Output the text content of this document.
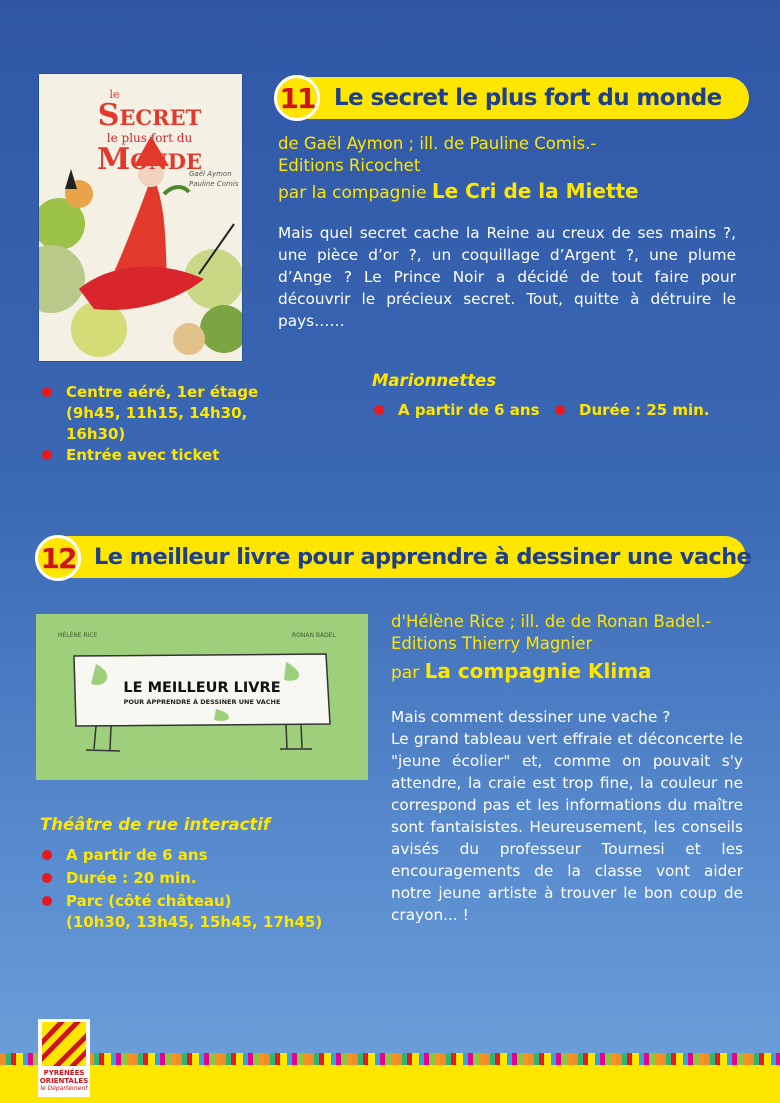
le
Secret
le plus fort du
Monde
Gaël Aymon
Pauline Comis
Le secret le plus fort du monde
11
de Gaël Aymon ; ill. de Pauline Comis.-
Editions Ricochet
par la compagnie Le Cri de la Miette
Mais quel secret cache la Reine au creux de ses mains ?, une pièce d’or ?, un coquillage d’Argent ?, une plume d’Ange ? Le Prince Noir a décidé de tout faire pour découvrir le précieux secret. Tout, quitte à détruire le pays……
Centre aéré, 1er étage
(9h45, 11h15, 14h30,
16h30)
Entrée avec ticket
Marionnettes
A partir de 6 ans	Durée : 25 min.
Le meilleur livre pour apprendre à dessiner une vache
12
HÉLÈNE RICE	RONAN BADEL
LE MEILLEUR LIVRE
POUR APPRENDRE À DESSINER UNE VACHE
d'Hélène Rice ; ill. de de Ronan Badel.-
Editions Thierry Magnier
par La compagnie Klima
Mais comment dessiner une vache ?
Le grand tableau vert effraie et déconcerte le "jeune écolier" et, comme on pouvait s'y attendre, la craie est trop fine, la couleur ne correspond pas et les informations du maître sont fantaisistes. Heureusement, les conseils avisés du professeur Tournesi et les encouragements de la classe vont aider notre jeune artiste à trouver le bon coup de crayon... !
Théâtre de rue interactif
A partir de 6 ans
Durée : 20 min.
Parc (côté château)
(10h30, 13h45, 15h45, 17h45)
PYRÉNÉES
ORIENTALES
le Département
